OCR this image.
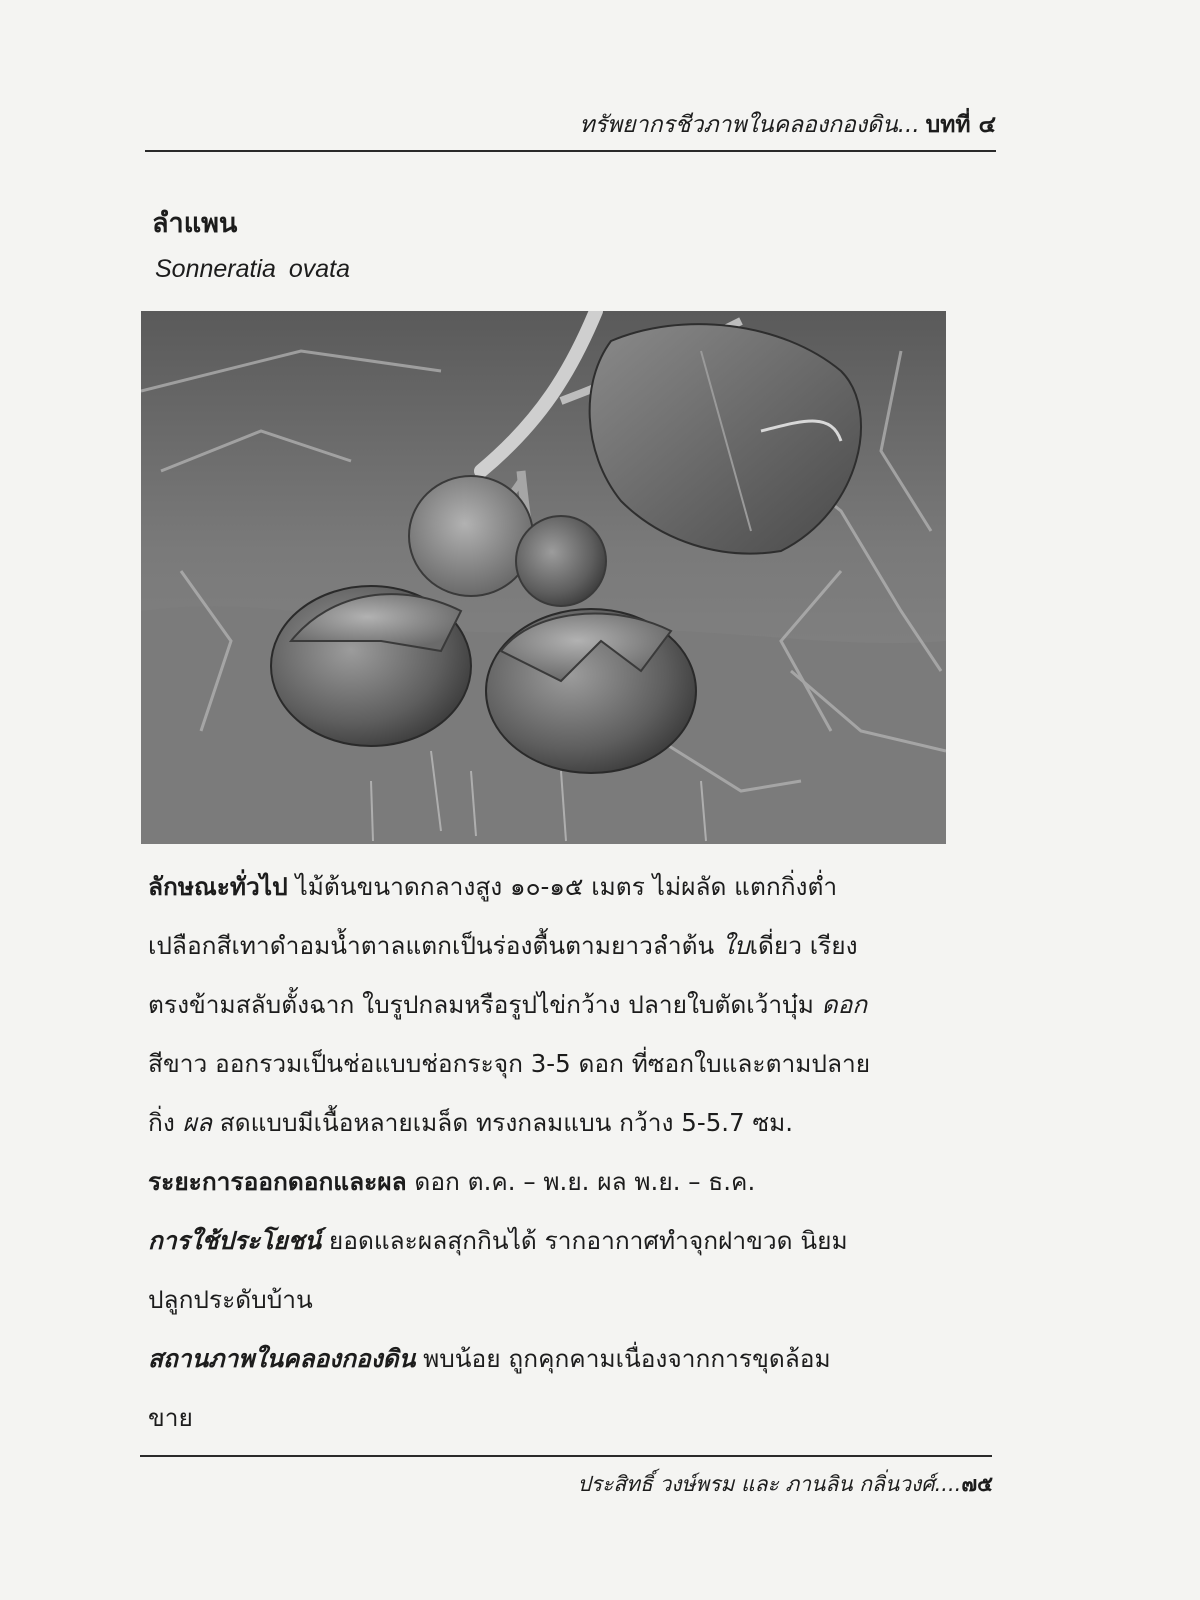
ทรัพยากรชีวภาพในคลองกองดิน... บทที่ ๔
ลำแพน
Sonneratia ovata

ลักษณะทั่วไป ไม้ต้นขนาดกลางสูง ๑๐-๑๕ เมตร ไม่ผลัด แตกกิ่งต่ำ

เปลือกสีเทาดำอมน้ำตาลแตกเป็นร่องตื้นตามยาวลำต้น ใบเดี่ยว เรียง

ตรงข้ามสลับตั้งฉาก ใบรูปกลมหรือรูปไข่กว้าง ปลายใบตัดเว้าบุ๋ม ดอก

สีขาว ออกรวมเป็นช่อแบบช่อกระจุก 3-5 ดอก ที่ซอกใบและตามปลาย

กิ่ง ผล สดแบบมีเนื้อหลายเมล็ด ทรงกลมแบน กว้าง 5-5.7 ซม.

ระยะการออกดอกและผล ดอก ต.ค. – พ.ย. ผล พ.ย. – ธ.ค.

การใช้ประโยชน์ ยอดและผลสุกกินได้ รากอากาศทำจุกฝาขวด นิยม

ปลูกประดับบ้าน

สถานภาพในคลองกองดิน พบน้อย ถูกคุกคามเนื่องจากการขุดล้อม

ขาย

ประสิทธิ์ วงษ์พรม และ ภานลิน กลิ่นวงศ์....๗๕
